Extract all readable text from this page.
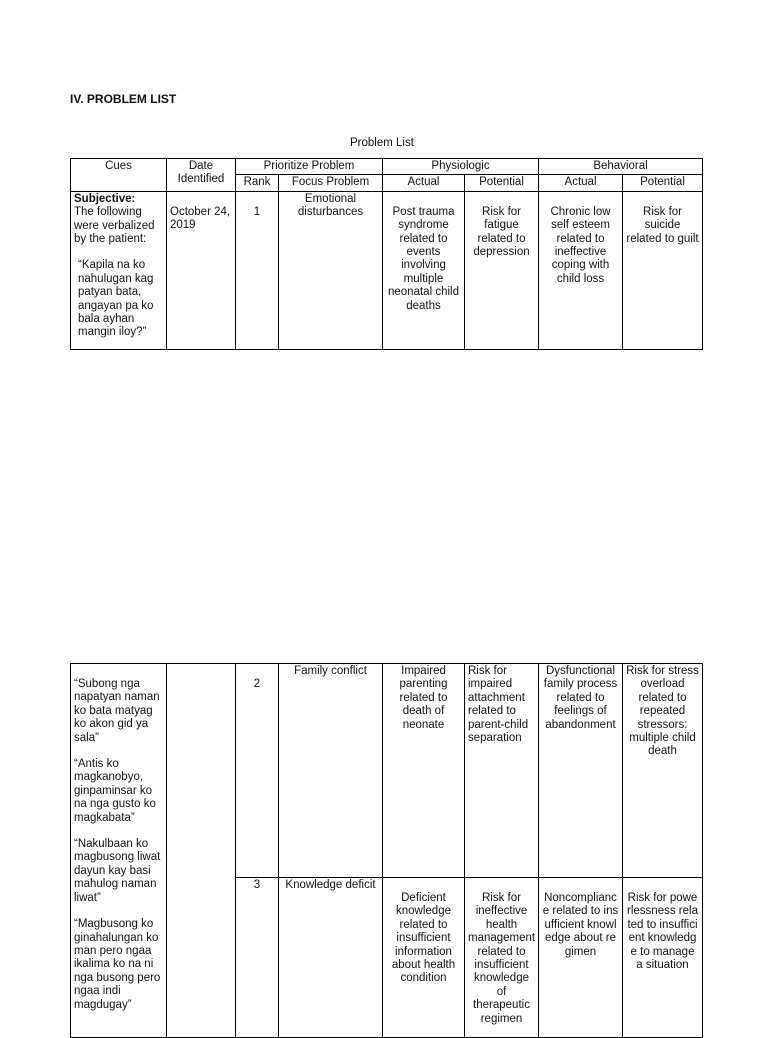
IV. PROBLEM LIST
Problem List
Cues	Date Identified	Prioritize Problem		Physiologic		Behavioral	
		Rank	Focus Problem	Actual	Potential	Actual	Potential

Subjective:
The following were verbalized by the patient:
“Kapila na ko nahulugan kag patyan bata, angayan pa ko bala ayhan mangin iloy?”	October 24, 2019	1	Emotional disturbances	Post trauma syndrome related to events involving multiple neonatal child deaths	Risk for fatigue related to depression	Chronic low self esteem related to ineffective coping with child loss	Risk for suicide related to guilt
“Subong nga napatyan naman ko bata matyag ko akon gid ya sala”
“Antis ko magkanobyo, ginpaminsar ko na nga gusto ko magkabata”
“Nakulbaan ko magbusong liwat dayun kay basi mahulog naman liwat”
“Magbusong ko ginahalungan ko man pero ngaa ikalima ko na ni nga busong pero ngaa indi magdugay”		2	Family conflict	Impaired parenting related to death of neonate	Risk for impaired attachment related to parent-child separation	Dysfunctional family process related to feelings of abandonment	Risk for stress overload related to repeated stressors: multiple child death
		3	Knowledge deficit	Deficient knowledge related to insufficient information about health condition	Risk for ineffective health management related to insufficient knowledge of therapeutic regimen	Noncompliance related to insufficient knowledge about regimen	Risk for powerlessness related to insufficient knowledge to manage a situation
